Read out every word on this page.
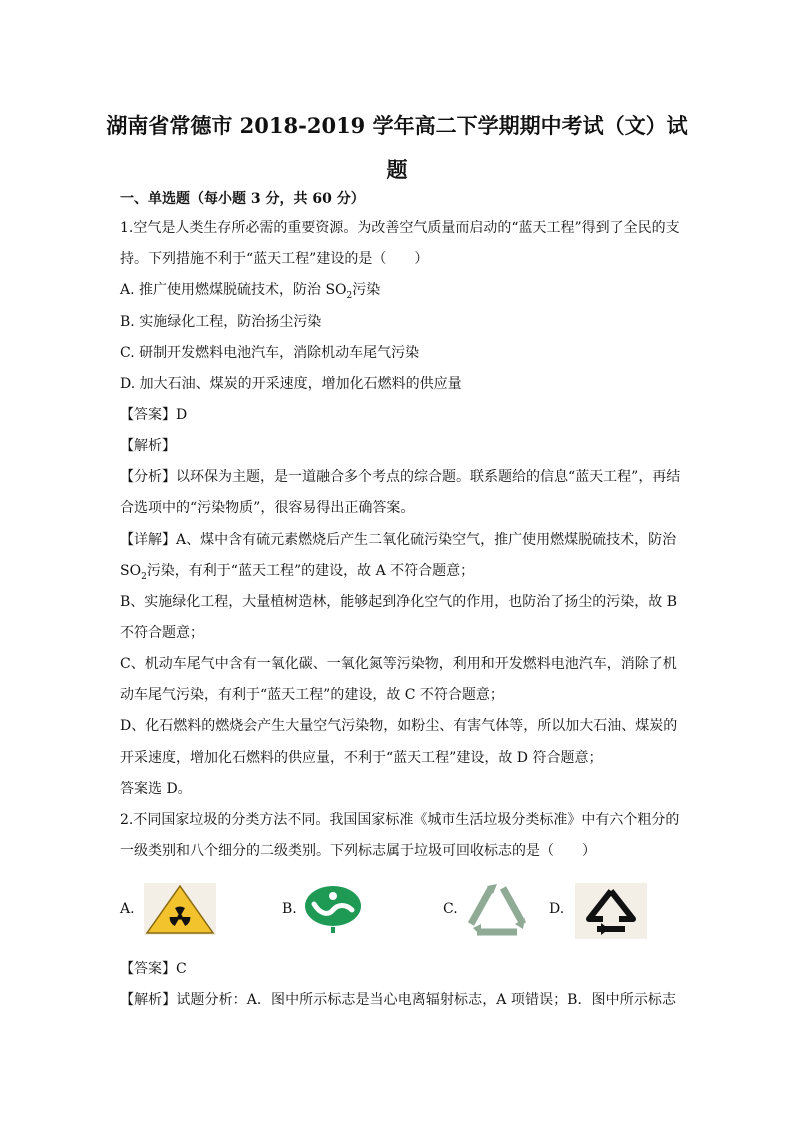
湖南省常德市 2018-2019 学年高二下学期期中考试（文）试题
一、单选题（每小题 3 分，共 60 分）
1.空气是人类生存所必需的重要资源。为改善空气质量而启动的“蓝天工程”得到了全民的支
持。下列措施不利于“蓝天工程”建设的是（　　）
A. 推广使用燃煤脱硫技术，防治 $SO_2$污染
B. 实施绿化工程，防治扬尘污染
C. 研制开发燃料电池汽车，消除机动车尾气污染
D. 加大石油、煤炭的开采速度，增加化石燃料的供应量
【答案】D
【解析】
【分析】以环保为主题，是一道融合多个考点的综合题。联系题给的信息“蓝天工程”，再结
合选项中的“污染物质”，很容易得出正确答案。
【详解】A、煤中含有硫元素燃烧后产生二氧化硫污染空气，推广使用燃煤脱硫技术，防治
$SO_2$污染，有利于“蓝天工程”的建设，故 A 不符合题意；
B、实施绿化工程，大量植树造林，能够起到净化空气的作用，也防治了扬尘的污染，故 B
不符合题意；
C、机动车尾气中含有一氧化碳、一氧化氮等污染物，利用和开发燃料电池汽车，消除了机
动车尾气污染，有利于“蓝天工程”的建设，故 C 不符合题意；
D、化石燃料的燃烧会产生大量空气污染物，如粉尘、有害气体等，所以加大石油、煤炭的
开采速度，增加化石燃料的供应量，不利于“蓝天工程”建设，故 D 符合题意；
答案选 D。
2.不同国家垃圾的分类方法不同。我国国家标准《城市生活垃圾分类标准》中有六个粗分的
一级类别和八个细分的二级类别。下列标志属于垃圾可回收标志的是（　　）
A.	B.	C.	D.
【答案】C
【解析】试题分析：A．图中所示标志是当心电离辐射标志，A 项错误；B．图中所示标志
